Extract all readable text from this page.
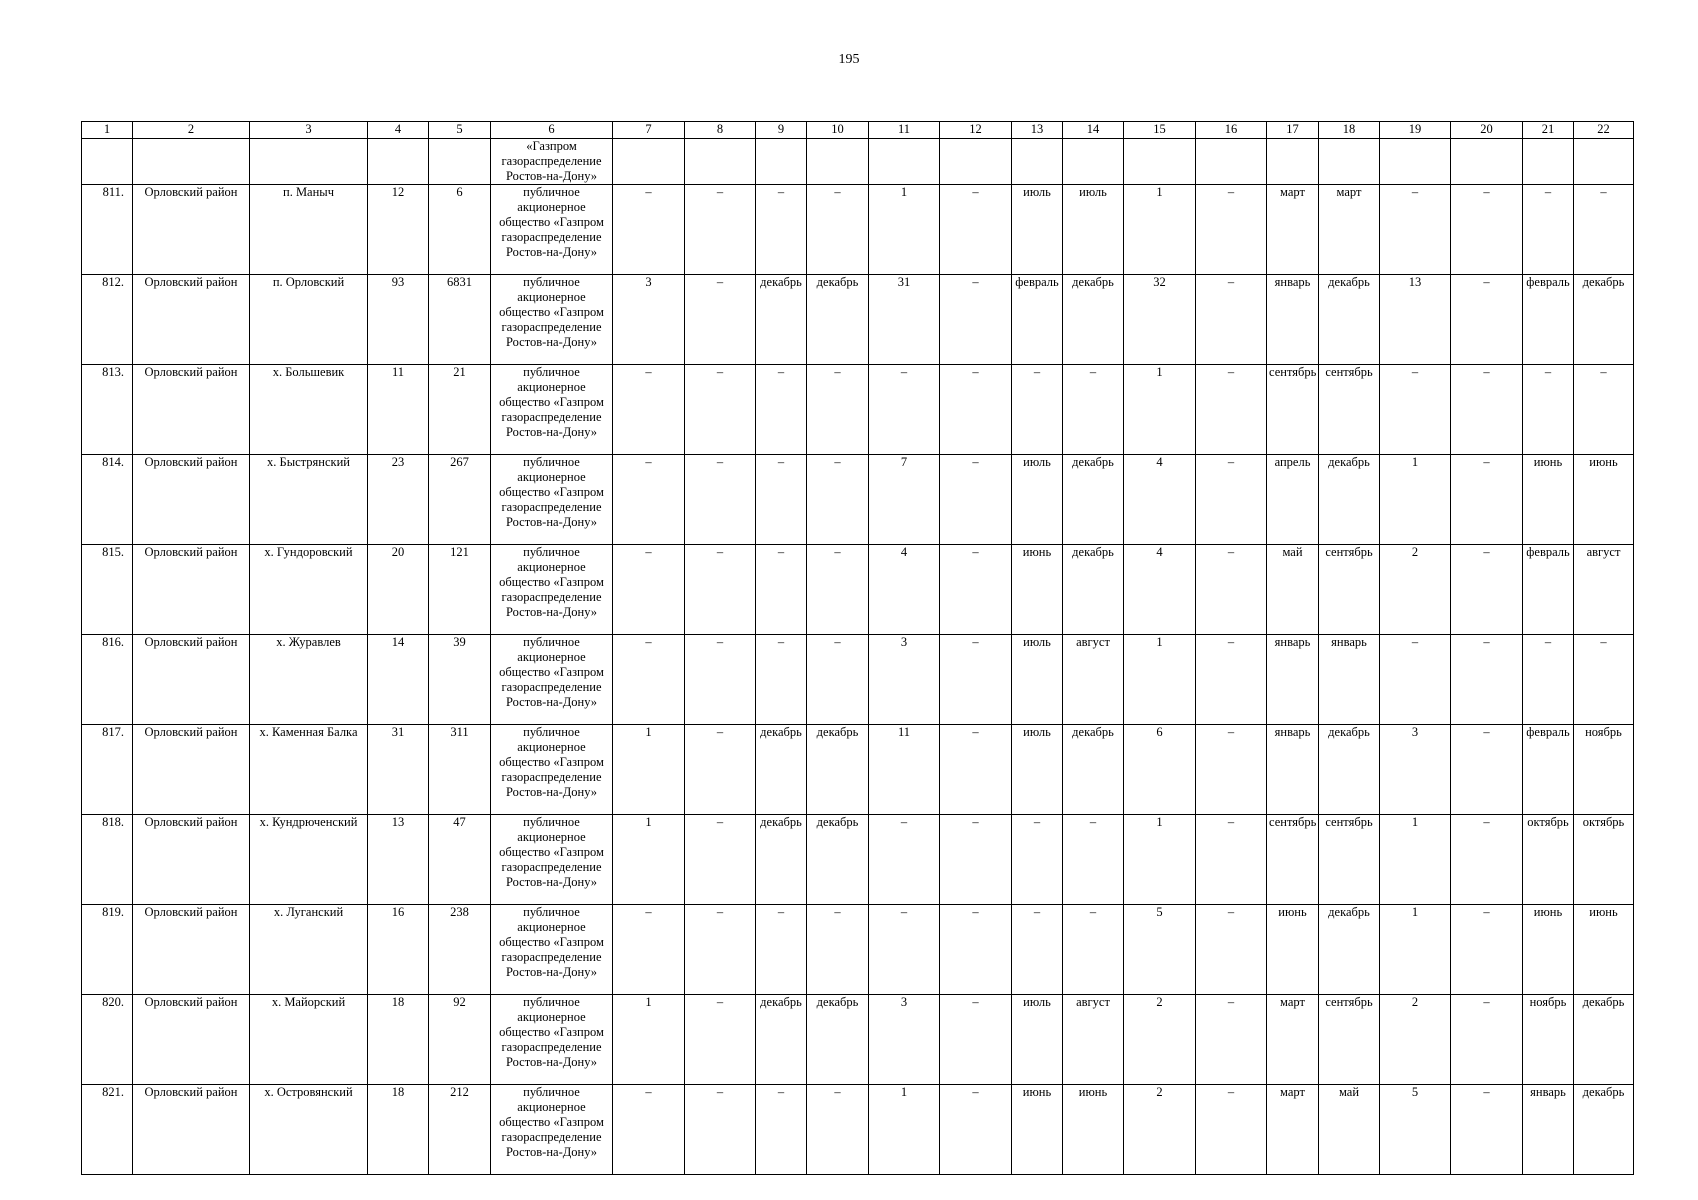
195
1	2	3	4	5	6	7	8	9	10	11	12	13	14	15	16	17	18	19	20	21	22
					«Газпром газораспределение Ростов-на-Дону»																
811.	Орловский район	п. Маныч	12	6	публичное акционерное общество «Газпром газораспределение Ростов-на-Дону»	–	–	–	–	1	–	июль	июль	1	–	март	март	–	–	–	–
812.	Орловский район	п. Орловский	93	6831	публичное акционерное общество «Газпром газораспределение Ростов-на-Дону»	3	–	декабрь	декабрь	31	–	февраль	декабрь	32	–	январь	декабрь	13	–	февраль	декабрь
813.	Орловский район	х. Большевик	11	21	публичное акционерное общество «Газпром газораспределение Ростов-на-Дону»	–	–	–	–	–	–	–	–	1	–	сентябрь	сентябрь	–	–	–	–
814.	Орловский район	х. Быстрянский	23	267	публичное акционерное общество «Газпром газораспределение Ростов-на-Дону»	–	–	–	–	7	–	июль	декабрь	4	–	апрель	декабрь	1	–	июнь	июнь
815.	Орловский район	х. Гундоровский	20	121	публичное акционерное общество «Газпром газораспределение Ростов-на-Дону»	–	–	–	–	4	–	июнь	декабрь	4	–	май	сентябрь	2	–	февраль	август
816.	Орловский район	х. Журавлев	14	39	публичное акционерное общество «Газпром газораспределение Ростов-на-Дону»	–	–	–	–	3	–	июль	август	1	–	январь	январь	–	–	–	–
817.	Орловский район	х. Каменная Балка	31	311	публичное акционерное общество «Газпром газораспределение Ростов-на-Дону»	1	–	декабрь	декабрь	11	–	июль	декабрь	6	–	январь	декабрь	3	–	февраль	ноябрь
818.	Орловский район	х. Кундрюченский	13	47	публичное акционерное общество «Газпром газораспределение Ростов-на-Дону»	1	–	декабрь	декабрь	–	–	–	–	1	–	сентябрь	сентябрь	1	–	октябрь	октябрь
819.	Орловский район	х. Луганский	16	238	публичное акционерное общество «Газпром газораспределение Ростов-на-Дону»	–	–	–	–	–	–	–	–	5	–	июнь	декабрь	1	–	июнь	июнь
820.	Орловский район	х. Майорский	18	92	публичное акционерное общество «Газпром газораспределение Ростов-на-Дону»	1	–	декабрь	декабрь	3	–	июль	август	2	–	март	сентябрь	2	–	ноябрь	декабрь
821.	Орловский район	х. Островянский	18	212	публичное акционерное общество «Газпром газораспределение Ростов-на-Дону»	–	–	–	–	1	–	июнь	июнь	2	–	март	май	5	–	январь	декабрь
